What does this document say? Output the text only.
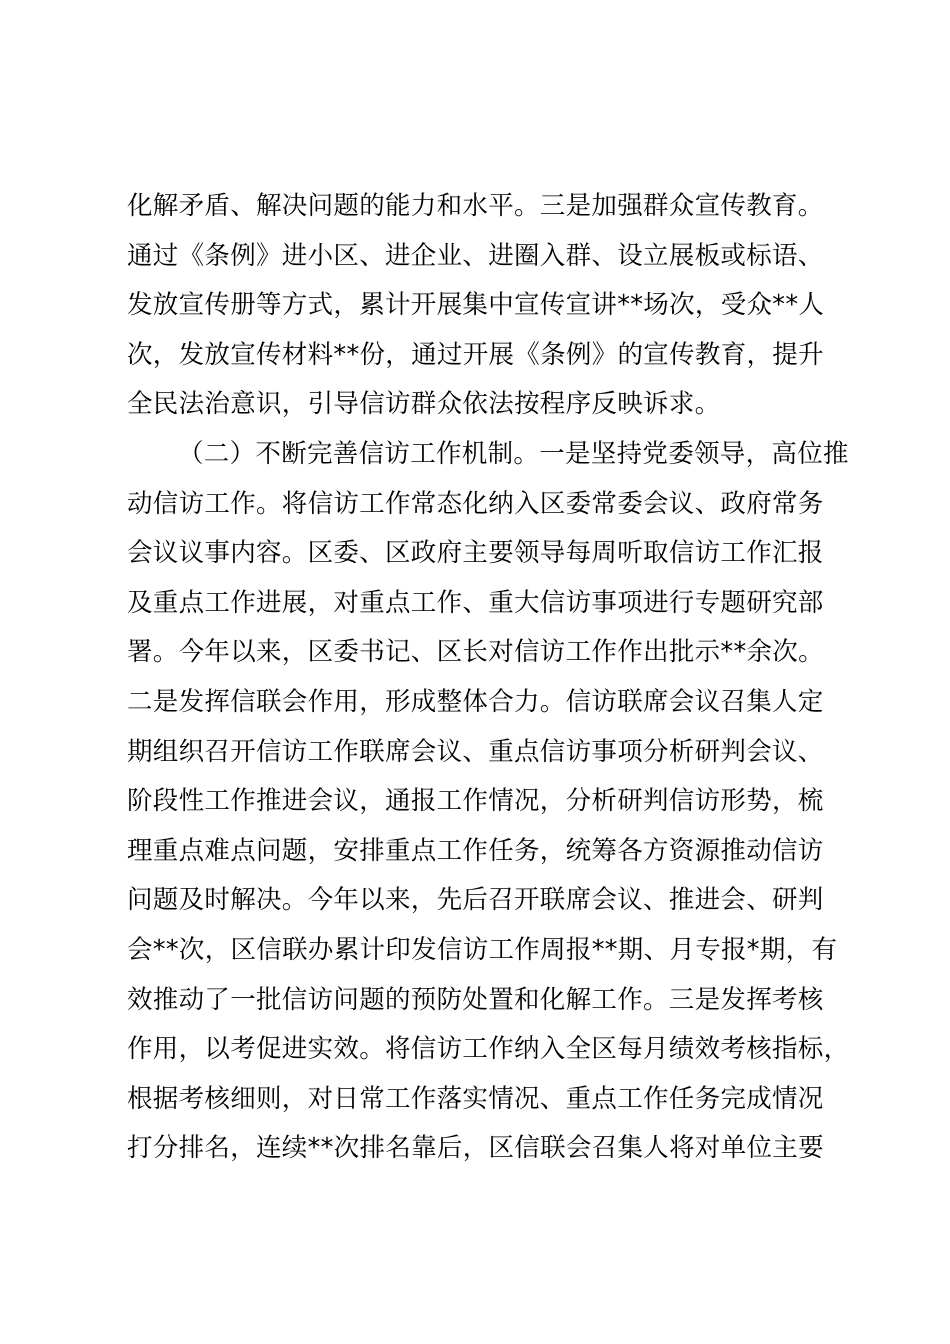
化解矛盾、解决问题的能力和水平。三是加强群众宣传教育。
通过《条例》进小区、进企业、进圈入群、设立展板或标语、
发放宣传册等方式，累计开展集中宣传宣讲**场次，受众**人
次，发放宣传材料**份，通过开展《条例》的宣传教育，提升
全民法治意识，引导信访群众依法按程序反映诉求。
（二）不断完善信访工作机制。一是坚持党委领导，高位推
动信访工作。将信访工作常态化纳入区委常委会议、政府常务
会议议事内容。区委、区政府主要领导每周听取信访工作汇报
及重点工作进展，对重点工作、重大信访事项进行专题研究部
署。今年以来，区委书记、区长对信访工作作出批示**余次。
二是发挥信联会作用，形成整体合力。信访联席会议召集人定
期组织召开信访工作联席会议、重点信访事项分析研判会议、
阶段性工作推进会议，通报工作情况，分析研判信访形势，梳
理重点难点问题，安排重点工作任务，统筹各方资源推动信访
问题及时解决。今年以来，先后召开联席会议、推进会、研判
会**次，区信联办累计印发信访工作周报**期、月专报*期，有
效推动了一批信访问题的预防处置和化解工作。三是发挥考核
作用，以考促进实效。将信访工作纳入全区每月绩效考核指标，
根据考核细则，对日常工作落实情况、重点工作任务完成情况
打分排名，连续**次排名靠后，区信联会召集人将对单位主要
